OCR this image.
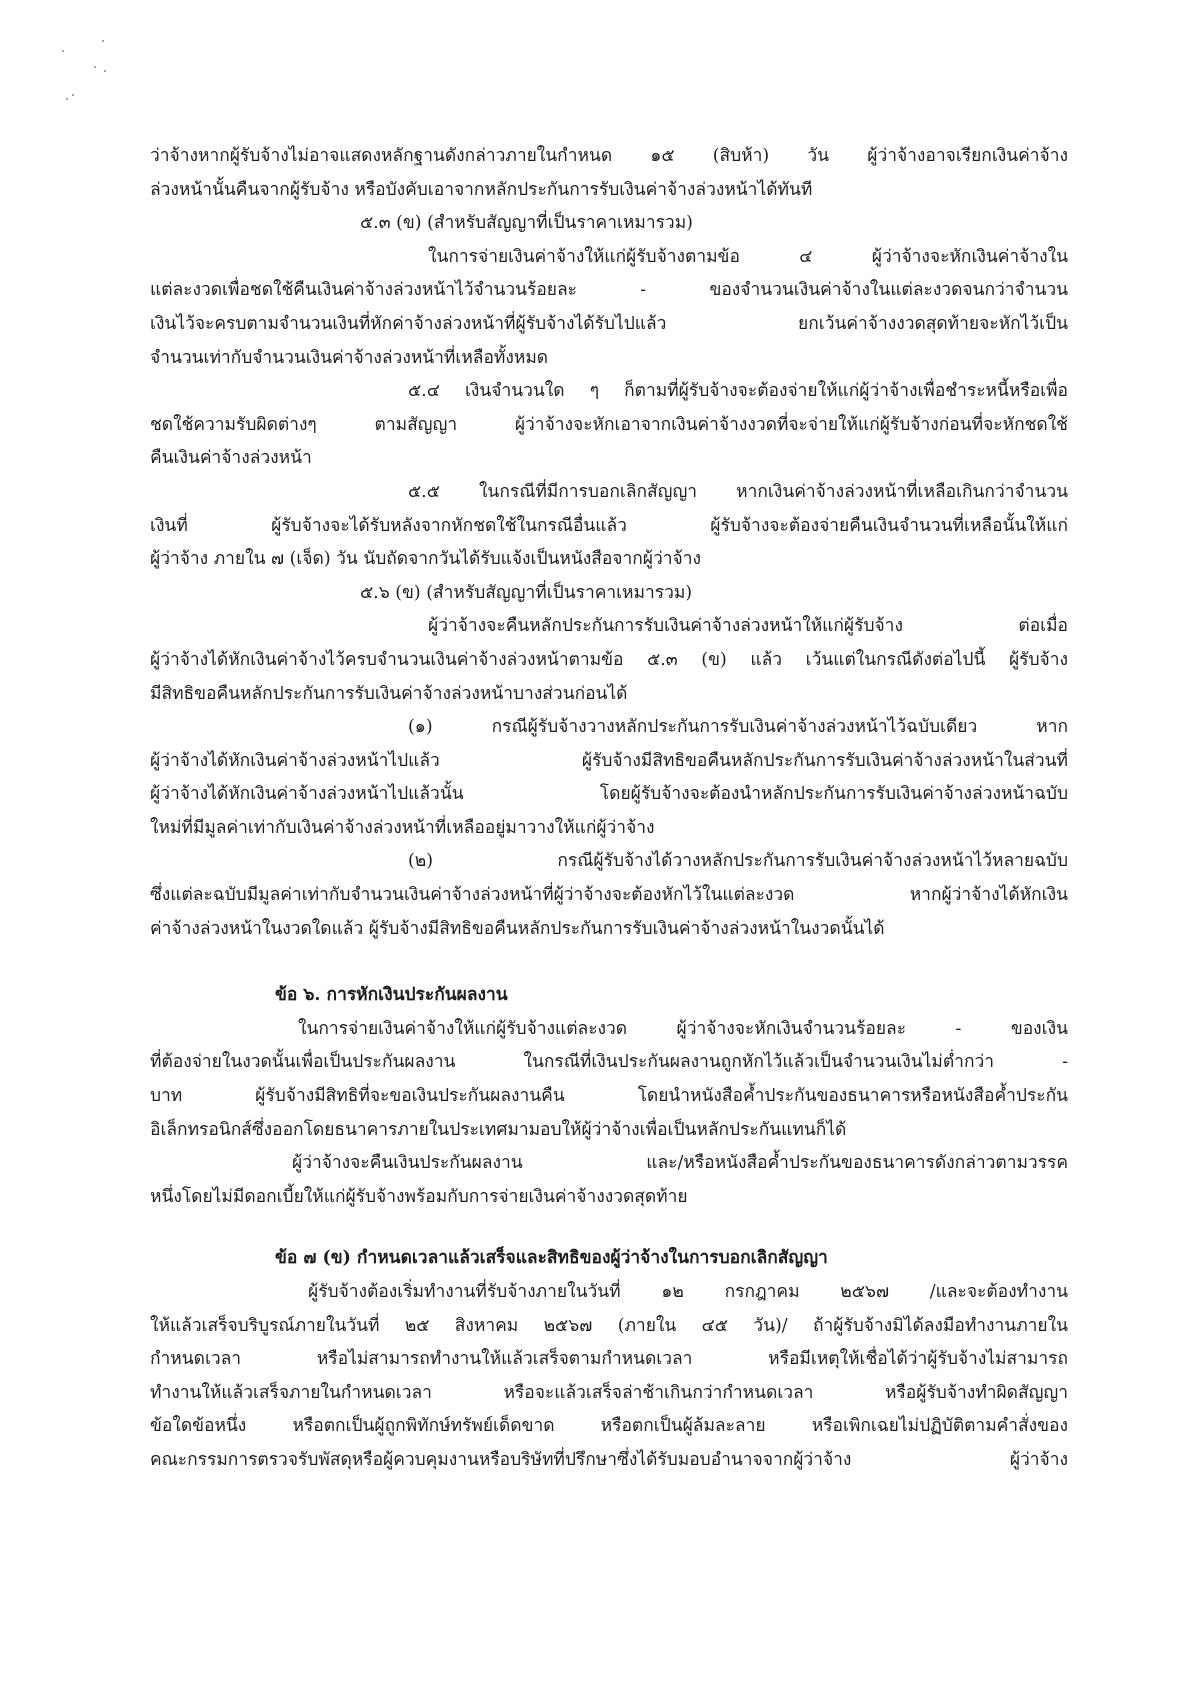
ว่าจ้างหากผู้รับจ้างไม่อาจแสดงหลักฐานดังกล่าวภายในกำหนด ๑๕ (สิบห้า) วัน ผู้ว่าจ้างอาจเรียกเงินค่าจ้าง

ล่วงหน้านั้นคืนจากผู้รับจ้าง หรือบังคับเอาจากหลักประกันการรับเงินค่าจ้างล่วงหน้าได้ทันที

๕.๓ (ข) (สำหรับสัญญาที่เป็นราคาเหมารวม)

ในการจ่ายเงินค่าจ้างให้แก่ผู้รับจ้างตามข้อ ๔ ผู้ว่าจ้างจะหักเงินค่าจ้างใน

แต่ละงวดเพื่อชดใช้คืนเงินค่าจ้างล่วงหน้าไว้จำนวนร้อยละ - ของจำนวนเงินค่าจ้างในแต่ละงวดจนกว่าจำนวน

เงินไว้จะครบตามจำนวนเงินที่หักค่าจ้างล่วงหน้าที่ผู้รับจ้างได้รับไปแล้ว ยกเว้นค่าจ้างงวดสุดท้ายจะหักไว้เป็น

จำนวนเท่ากับจำนวนเงินค่าจ้างล่วงหน้าที่เหลือทั้งหมด

๕.๔ เงินจำนวนใด ๆ ก็ตามที่ผู้รับจ้างจะต้องจ่ายให้แก่ผู้ว่าจ้างเพื่อชำระหนี้หรือเพื่อ

ชดใช้ความรับผิดต่างๆ ตามสัญญา ผู้ว่าจ้างจะหักเอาจากเงินค่าจ้างงวดที่จะจ่ายให้แก่ผู้รับจ้างก่อนที่จะหักชดใช้

คืนเงินค่าจ้างล่วงหน้า

๕.๕ ในกรณีที่มีการบอกเลิกสัญญา หากเงินค่าจ้างล่วงหน้าที่เหลือเกินกว่าจำนวน

เงินที่ ผู้รับจ้างจะได้รับหลังจากหักชดใช้ในกรณีอื่นแล้ว ผู้รับจ้างจะต้องจ่ายคืนเงินจำนวนที่เหลือนั้นให้แก่

ผู้ว่าจ้าง ภายใน ๗ (เจ็ด) วัน นับถัดจากวันได้รับแจ้งเป็นหนังสือจากผู้ว่าจ้าง

๕.๖ (ข) (สำหรับสัญญาที่เป็นราคาเหมารวม)

ผู้ว่าจ้างจะคืนหลักประกันการรับเงินค่าจ้างล่วงหน้าให้แก่ผู้รับจ้าง ต่อเมื่อ

ผู้ว่าจ้างได้หักเงินค่าจ้างไว้ครบจำนวนเงินค่าจ้างล่วงหน้าตามข้อ ๕.๓ (ข) แล้ว เว้นแต่ในกรณีดังต่อไปนี้ ผู้รับจ้าง

มีสิทธิขอคืนหลักประกันการรับเงินค่าจ้างล่วงหน้าบางส่วนก่อนได้

(๑) กรณีผู้รับจ้างวางหลักประกันการรับเงินค่าจ้างล่วงหน้าไว้ฉบับเดียว หาก

ผู้ว่าจ้างได้หักเงินค่าจ้างล่วงหน้าไปแล้ว ผู้รับจ้างมีสิทธิขอคืนหลักประกันการรับเงินค่าจ้างล่วงหน้าในส่วนที่

ผู้ว่าจ้างได้หักเงินค่าจ้างล่วงหน้าไปแล้วนั้น โดยผู้รับจ้างจะต้องนำหลักประกันการรับเงินค่าจ้างล่วงหน้าฉบับ

ใหม่ที่มีมูลค่าเท่ากับเงินค่าจ้างล่วงหน้าที่เหลืออยู่มาวางให้แก่ผู้ว่าจ้าง

(๒) กรณีผู้รับจ้างได้วางหลักประกันการรับเงินค่าจ้างล่วงหน้าไว้หลายฉบับ

ซึ่งแต่ละฉบับมีมูลค่าเท่ากับจำนวนเงินค่าจ้างล่วงหน้าที่ผู้ว่าจ้างจะต้องหักไว้ในแต่ละงวด หากผู้ว่าจ้างได้หักเงิน

ค่าจ้างล่วงหน้าในงวดใดแล้ว ผู้รับจ้างมีสิทธิขอคืนหลักประกันการรับเงินค่าจ้างล่วงหน้าในงวดนั้นได้

ข้อ ๖. การหักเงินประกันผลงาน

ในการจ่ายเงินค่าจ้างให้แก่ผู้รับจ้างแต่ละงวด ผู้ว่าจ้างจะหักเงินจำนวนร้อยละ - ของเงิน

ที่ต้องจ่ายในงวดนั้นเพื่อเป็นประกันผลงาน ในกรณีที่เงินประกันผลงานถูกหักไว้แล้วเป็นจำนวนเงินไม่ต่ำกว่า -

บาท ผู้รับจ้างมีสิทธิที่จะขอเงินประกันผลงานคืน โดยนำหนังสือค้ำประกันของธนาคารหรือหนังสือค้ำประกัน

อิเล็กทรอนิกส์ซึ่งออกโดยธนาคารภายในประเทศมามอบให้ผู้ว่าจ้างเพื่อเป็นหลักประกันแทนก็ได้

ผู้ว่าจ้างจะคืนเงินประกันผลงาน และ/หรือหนังสือค้ำประกันของธนาคารดังกล่าวตามวรรค

หนึ่งโดยไม่มีดอกเบี้ยให้แก่ผู้รับจ้างพร้อมกับการจ่ายเงินค่าจ้างงวดสุดท้าย

ข้อ ๗ (ข) กำหนดเวลาแล้วเสร็จและสิทธิของผู้ว่าจ้างในการบอกเลิกสัญญา

ผู้รับจ้างต้องเริ่มทำงานที่รับจ้างภายในวันที่ ๑๒ กรกฎาคม ๒๕๖๗ /และจะต้องทำงาน

ให้แล้วเสร็จบริบูรณ์ภายในวันที่ ๒๕ สิงหาคม ๒๕๖๗ (ภายใน ๔๕ วัน)/ ถ้าผู้รับจ้างมิได้ลงมือทำงานภายใน

กำหนดเวลา หรือไม่สามารถทำงานให้แล้วเสร็จตามกำหนดเวลา หรือมีเหตุให้เชื่อได้ว่าผู้รับจ้างไม่สามารถ

ทำงานให้แล้วเสร็จภายในกำหนดเวลา หรือจะแล้วเสร็จล่าช้าเกินกว่ากำหนดเวลา หรือผู้รับจ้างทำผิดสัญญา

ข้อใดข้อหนึ่ง หรือตกเป็นผู้ถูกพิทักษ์ทรัพย์เด็ดขาด หรือตกเป็นผู้ล้มละลาย หรือเพิกเฉยไม่ปฏิบัติตามคำสั่งของ

คณะกรรมการตรวจรับพัสดุหรือผู้ควบคุมงานหรือบริษัทที่ปรึกษาซึ่งได้รับมอบอำนาจจากผู้ว่าจ้าง ผู้ว่าจ้าง
